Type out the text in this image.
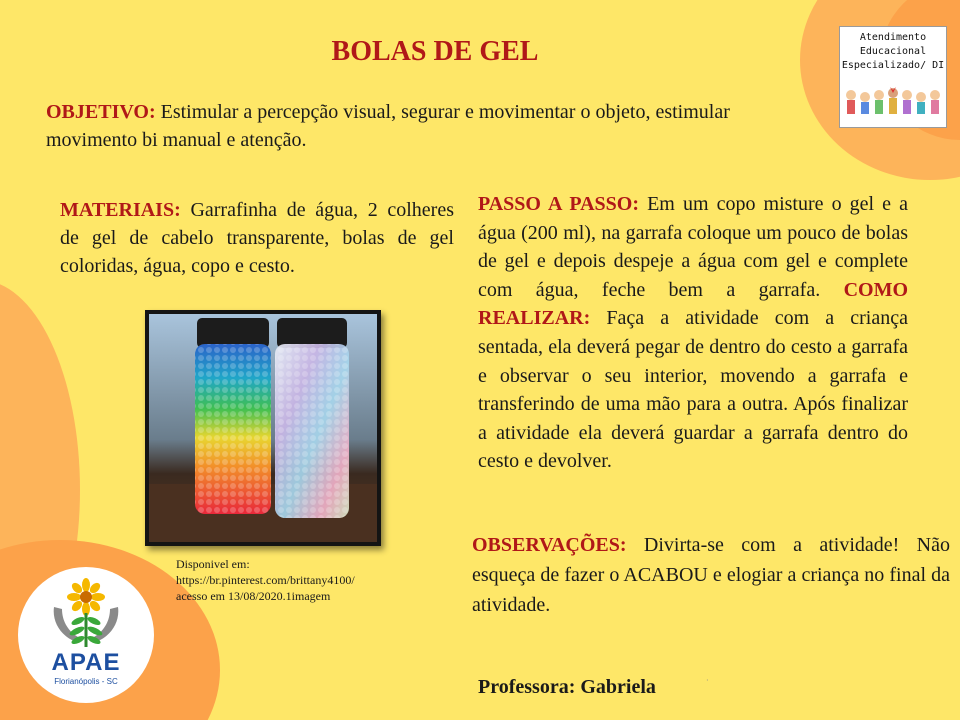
BOLAS DE GEL
OBJETIVO: Estimular a percepção visual, segurar e movimentar o objeto, estimular movimento bi manual e atenção.
MATERIAIS: Garrafinha de água, 2 colheres de gel de cabelo transparente, bolas de gel coloridas, água, copo e cesto.
PASSO A PASSO: Em um copo misture o gel e a água (200 ml), na garrafa coloque um pouco de bolas de gel e depois despeje a água com gel e complete com água, feche bem a garrafa. COMO REALIZAR: Faça a atividade com a criança sentada, ela deverá pegar de dentro do cesto a garrafa e observar o seu interior, movendo a garrafa e transferindo de uma mão para a outra. Após finalizar a atividade ela deverá guardar a garrafa dentro do cesto e devolver.
OBSERVAÇÕES: Divirta-se com a atividade! Não esqueça de fazer o ACABOU e elogiar a criança no final da atividade.
Professora: Gabriela	·
Disponivel em:
https://br.pinterest.com/brittany4100/
acesso em 13/08/2020.1imagem
Atendimento
Educacional
Especializado/ DI
APAE
Florianópolis - SC
